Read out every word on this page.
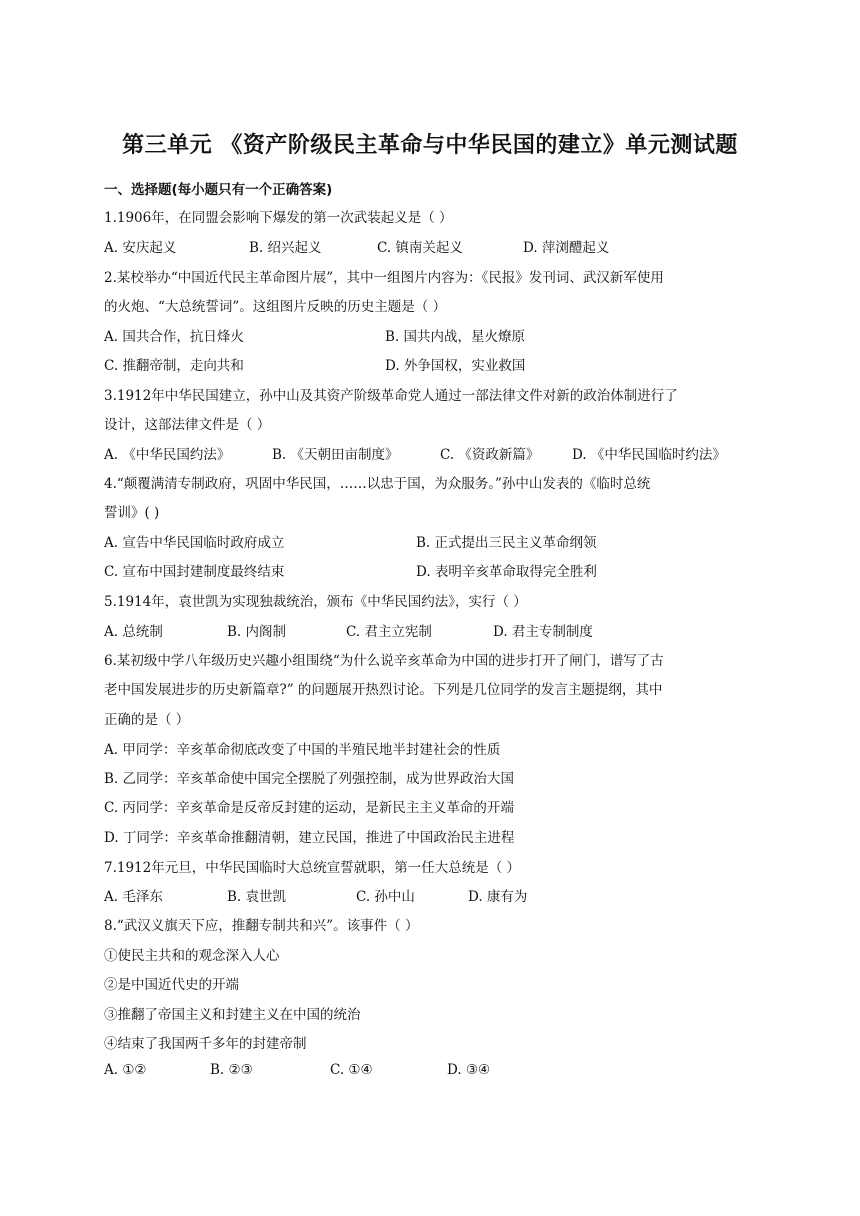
第三单元 《资产阶级民主革命与中华民国的建立》单元测试题
一、选择题(每小题只有一个正确答案)
1.1906年，在同盟会影响下爆发的第一次武装起义是（ ）
A. 安庆起义	B. 绍兴起义	C. 镇南关起义	D. 萍浏醴起义
2.某校举办“中国近代民主革命图片展”，其中一组图片内容为：《民报》发刊词、武汉新军使用
的火炮、“大总统誓词”。这组图片反映的历史主题是（ ）
A. 国共合作，抗日烽火	B. 国共内战，星火燎原
C. 推翻帝制，走向共和	D. 外争国权，实业救国
3.1912年中华民国建立，孙中山及其资产阶级革命党人通过一部法律文件对新的政治体制进行了
设计，这部法律文件是（ ）
A. 《中华民国约法》	B. 《天朝田亩制度》	C. 《资政新篇》 D. 《中华民国临时约法》
4.“颠覆满清专制政府，巩固中华民国，……以忠于国，为众服务。”孙中山发表的《临时总统
誓训》( )
A. 宣告中华民国临时政府成立	B. 正式提出三民主义革命纲领
C. 宣布中国封建制度最终结束	D. 表明辛亥革命取得完全胜利
5.1914年，袁世凯为实现独裁统治，颁布《中华民国约法》，实行（ ）
A. 总统制	B. 内阁制	C. 君主立宪制	D. 君主专制制度
6.某初级中学八年级历史兴趣小组围绕“为什么说辛亥革命为中国的进步打开了闸门，谱写了古
老中国发展进步的历史新篇章?” 的问题展开热烈讨论。下列是几位同学的发言主题提纲，其中
正确的是（ ）
A. 甲同学：辛亥革命彻底改变了中国的半殖民地半封建社会的性质
B. 乙同学：辛亥革命使中国完全摆脱了列强控制，成为世界政治大国
C. 丙同学：辛亥革命是反帝反封建的运动，是新民主主义革命的开端
D. 丁同学：辛亥革命推翻清朝，建立民国，推进了中国政治民主进程
7.1912年元旦，中华民国临时大总统宣誓就职，第一任大总统是（ ）
A. 毛泽东	B. 袁世凯	C. 孙中山	D. 康有为
8.“武汉义旗天下应，推翻专制共和兴”。该事件（ ）
①使民主共和的观念深入人心
②是中国近代史的开端
③推翻了帝国主义和封建主义在中国的统治
④结束了我国两千多年的封建帝制
A. ①②	B. ②③	C. ①④	D. ③④
